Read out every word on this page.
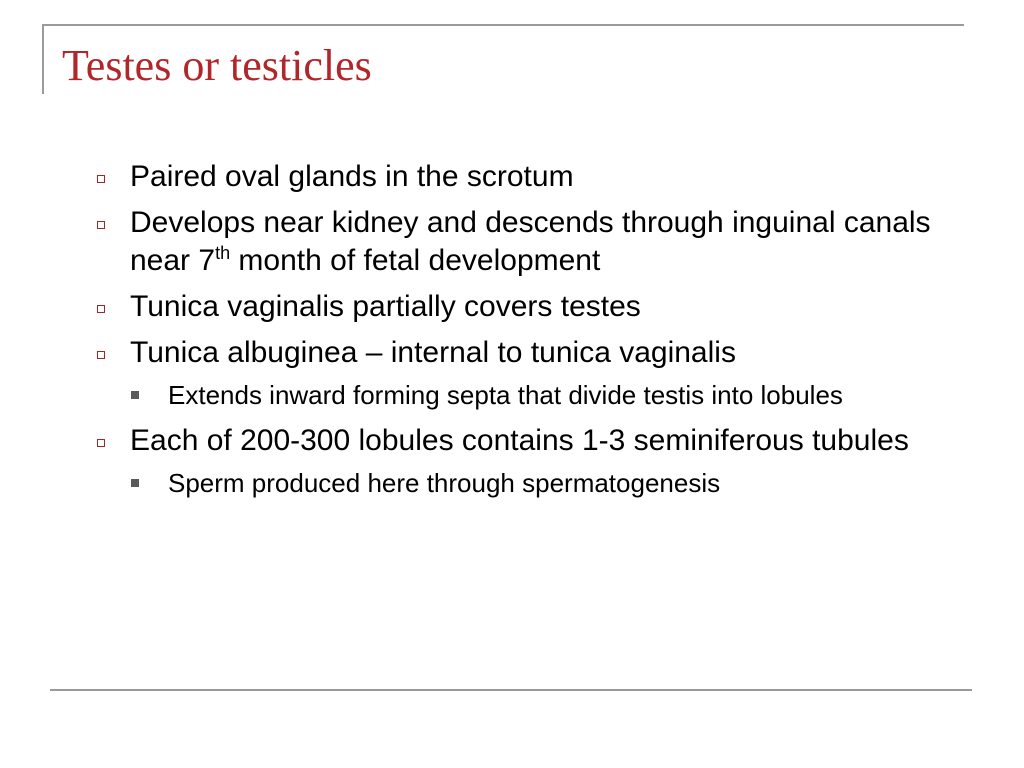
Testes or testicles
Paired oval glands in the scrotum
Develops near kidney and descends through inguinal canals near 7th month of fetal development
Tunica vaginalis partially covers testes
Tunica albuginea – internal to tunica vaginalis
Extends inward forming septa that divide testis into lobules
Each of 200-300 lobules contains 1-3 seminiferous tubules
Sperm produced here through spermatogenesis
